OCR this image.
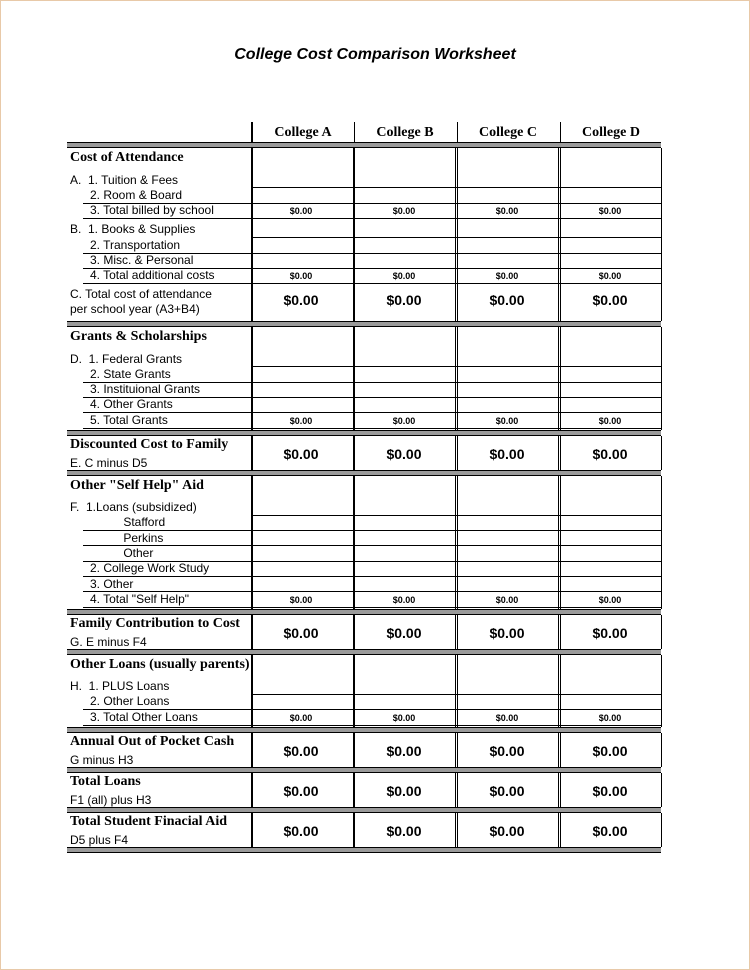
College Cost Comparison Worksheet
College A	College B	College C	College D
Cost of Attendance
A.  1. Tuition & Fees
2. Room & Board
3. Total billed by school	$0.00	$0.00	$0.00	$0.00
B.  1. Books & Supplies
2. Transportation
3. Misc. & Personal
4. Total additional costs	$0.00	$0.00	$0.00	$0.00
C. Total cost of attendance
per school year (A3+B4)
$0.00	$0.00	$0.00	$0.00
Grants & Scholarships
D.  1. Federal Grants
2. State Grants
3. Instituional Grants
4. Other Grants
5. Total Grants	$0.00	$0.00	$0.00	$0.00
Discounted Cost to Family
E. C minus D5
$0.00	$0.00	$0.00	$0.00
Other "Self Help" Aid
F.  1.Loans (subsidized)
Stafford
Perkins
Other
2. College Work Study
3. Other
4. Total "Self Help"	$0.00	$0.00	$0.00	$0.00
Family Contribution to Cost
G. E minus F4
$0.00	$0.00	$0.00	$0.00
Other Loans (usually parents)
H.  1. PLUS Loans
2. Other Loans
3. Total Other Loans	$0.00	$0.00	$0.00	$0.00
Annual Out of Pocket Cash
G minus H3
$0.00	$0.00	$0.00	$0.00
Total Loans
F1 (all) plus H3
$0.00	$0.00	$0.00	$0.00
Total Student Finacial Aid
D5 plus F4
$0.00	$0.00	$0.00	$0.00
